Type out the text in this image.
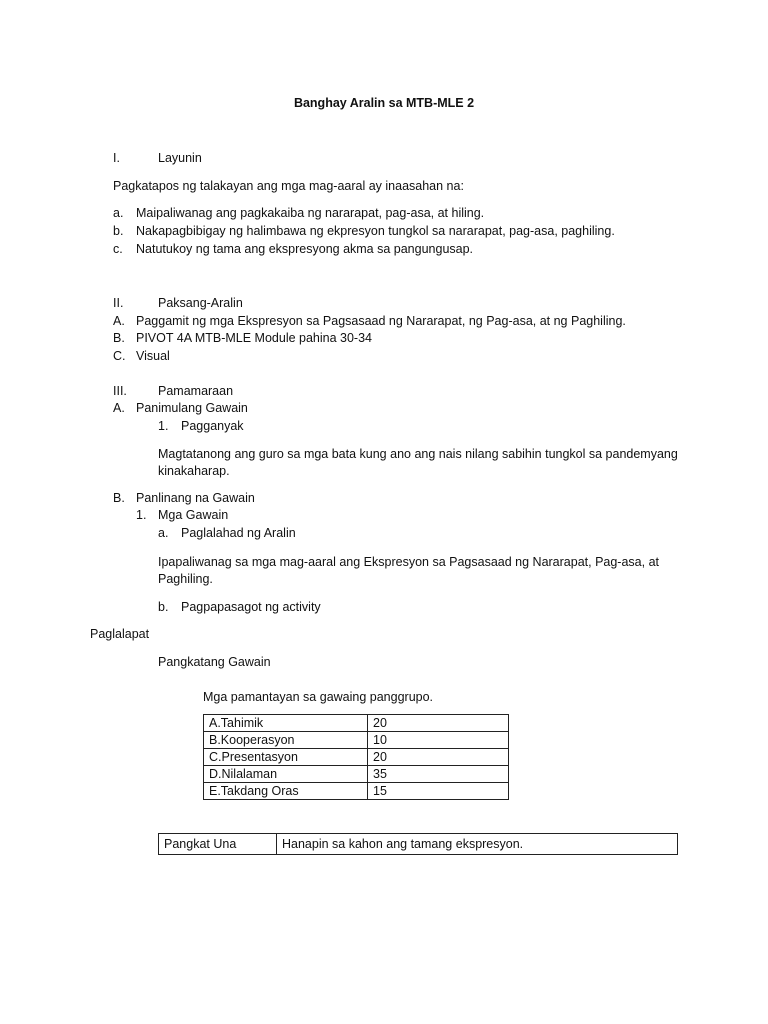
Banghay Aralin sa MTB-MLE 2
I.	Layunin
Pagkatapos ng talakayan ang mga mag-aaral ay inaasahan na:
a. Maipaliwanag ang pagkakaiba ng nararapat, pag-asa, at hiling.
b. Nakapagbibigay ng halimbawa ng ekpresyon tungkol sa nararapat, pag-asa, paghiling.
c. Natutukoy ng tama ang ekspresyong akma sa pangungusap.
II.	Paksang-Aralin
A. Paggamit ng mga Ekspresyon sa Pagsasaad ng Nararapat, ng Pag-asa, at ng Paghiling.
B. PIVOT 4A MTB-MLE Module pahina 30-34
C. Visual
III. Pamamaraan
A. Panimulang Gawain
1. Pagganyak
Magtatanong ang guro sa mga bata kung ano ang nais nilang sabihin tungkol sa pandemyang kinakaharap.
B. Panlinang na Gawain
1. Mga Gawain
a. Paglalahad ng Aralin
Ipapaliwanag sa mga mag-aaral ang Ekspresyon sa Pagsasaad ng Nararapat, Pag-asa, at Paghiling.
b. Pagpapasagot ng activity
Paglalapat
Pangkatang Gawain
Mga pamantayan sa gawaing panggrupo.
A.Tahimik	20
B.Kooperasyon	10
C.Presentasyon	20
D.Nilalaman	35
E.Takdang Oras	15
Pangkat Una	Hanapin sa kahon ang tamang ekspresyon.
